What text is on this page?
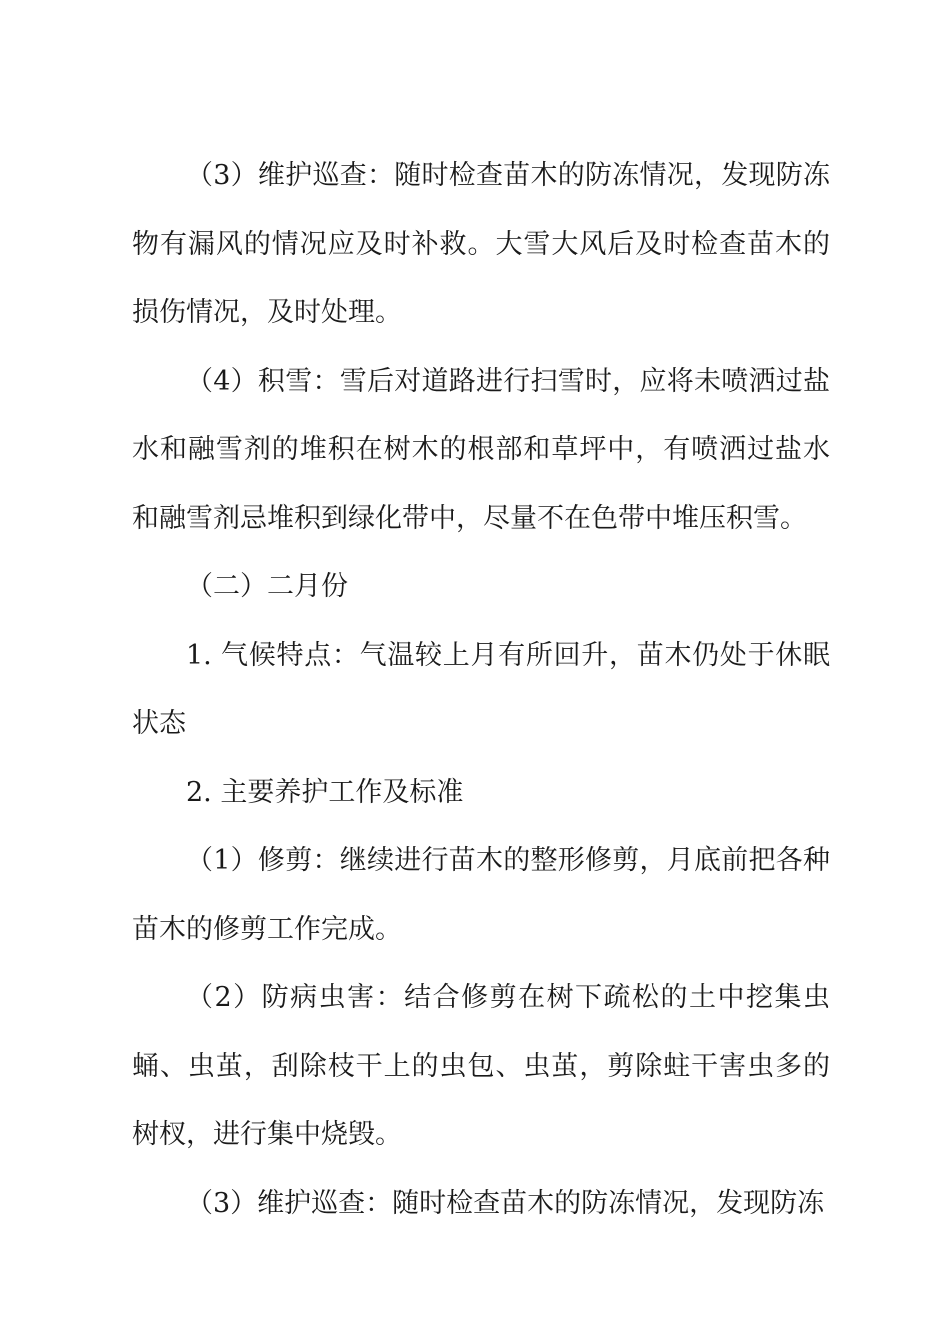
（3）维护巡查：随时检查苗木的防冻情况，发现防冻物有漏风的情况应及时补救。大雪大风后及时检查苗木的损伤情况，及时处理。

（4）积雪：雪后对道路进行扫雪时，应将未喷洒过盐水和融雪剂的堆积在树木的根部和草坪中，有喷洒过盐水和融雪剂忌堆积到绿化带中，尽量不在色带中堆压积雪。

（二）二月份

1. 气候特点：气温较上月有所回升，苗木仍处于休眠状态

2. 主要养护工作及标准

（1）修剪：继续进行苗木的整形修剪，月底前把各种苗木的修剪工作完成。

（2）防病虫害：结合修剪在树下疏松的土中挖集虫蛹、虫茧，刮除枝干上的虫包、虫茧，剪除蛀干害虫多的树杈，进行集中烧毁。

（3）维护巡查：随时检查苗木的防冻情况，发现防冻
